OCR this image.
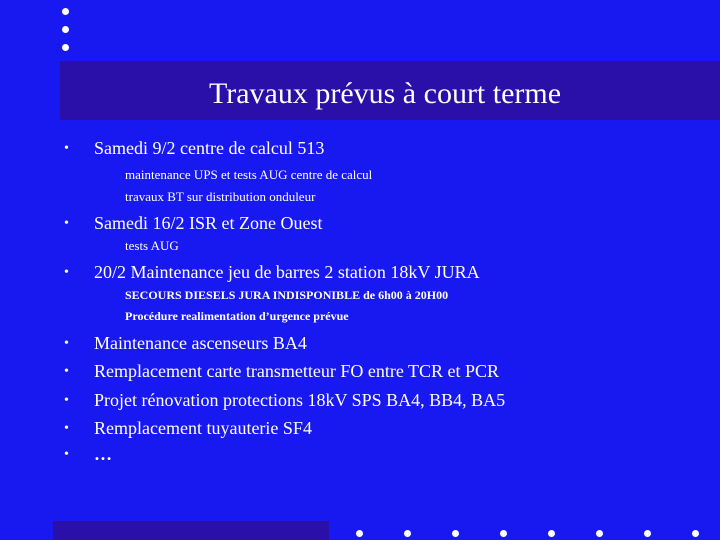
Travaux prévus à court terme
• Samedi 9/2 centre de calcul 513
maintenance UPS et tests AUG centre de calcul
travaux BT sur distribution onduleur
• Samedi 16/2 ISR et Zone Ouest
tests AUG
• 20/2 Maintenance jeu de barres 2 station 18kV JURA
SECOURS DIESELS JURA INDISPONIBLE de 6h00 à 20H00
Procédure realimentation d’urgence prévue
• Maintenance ascenseurs BA4
• Remplacement carte transmetteur FO entre TCR et PCR
• Projet rénovation protections 18kV SPS BA4, BB4, BA5
• Remplacement tuyauterie SF4
• …
